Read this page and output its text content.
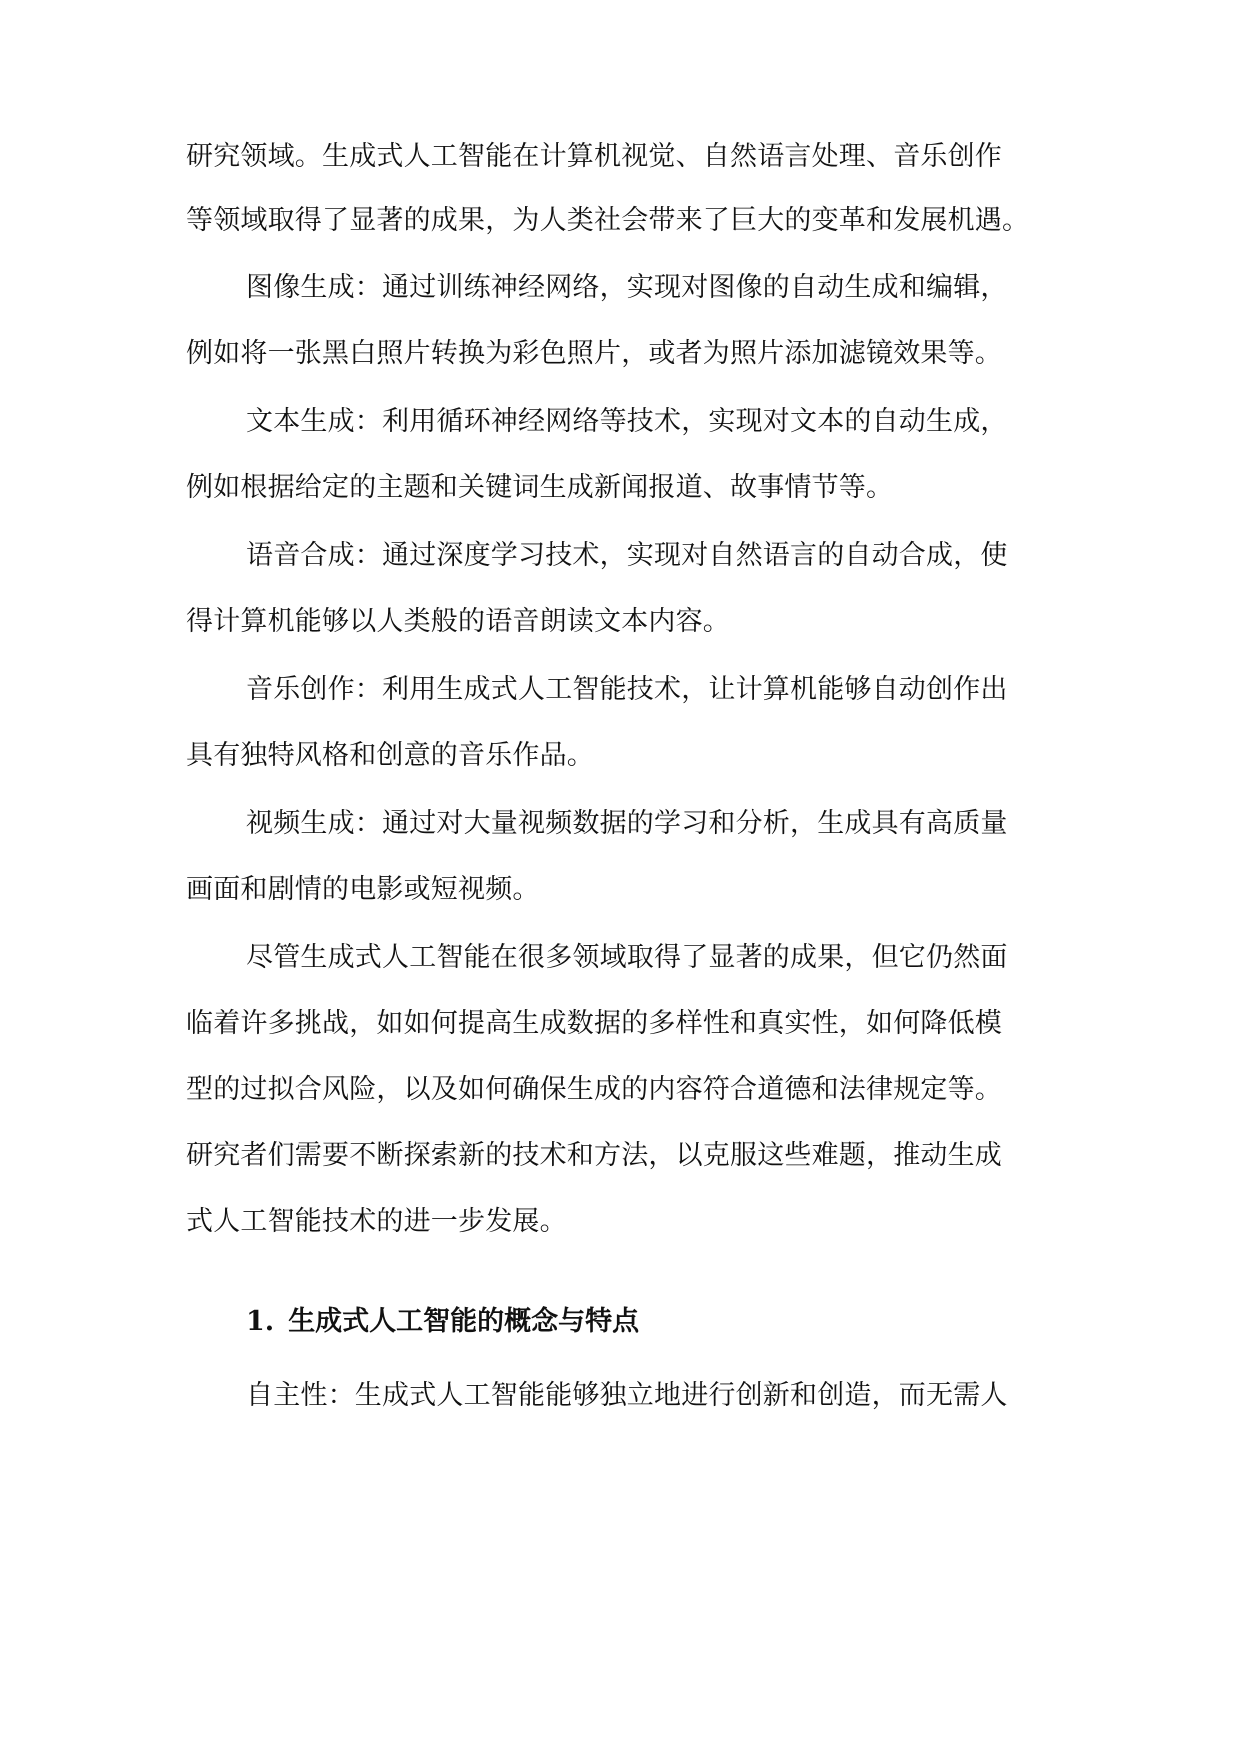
研究领域。生成式人工智能在计算机视觉、自然语言处理、音乐创作
等领域取得了显著的成果，为人类社会带来了巨大的变革和发展机遇。
图像生成：通过训练神经网络，实现对图像的自动生成和编辑，
例如将一张黑白照片转换为彩色照片，或者为照片添加滤镜效果等。
文本生成：利用循环神经网络等技术，实现对文本的自动生成，
例如根据给定的主题和关键词生成新闻报道、故事情节等。
语音合成：通过深度学习技术，实现对自然语言的自动合成，使
得计算机能够以人类般的语音朗读文本内容。
音乐创作：利用生成式人工智能技术，让计算机能够自动创作出
具有独特风格和创意的音乐作品。
视频生成：通过对大量视频数据的学习和分析，生成具有高质量
画面和剧情的电影或短视频。
尽管生成式人工智能在很多领域取得了显著的成果，但它仍然面
临着许多挑战，如如何提高生成数据的多样性和真实性，如何降低模
型的过拟合风险，以及如何确保生成的内容符合道德和法律规定等。
研究者们需要不断探索新的技术和方法，以克服这些难题，推动生成
式人工智能技术的进一步发展。
1. 生成式人工智能的概念与特点
自主性：生成式人工智能能够独立地进行创新和创造，而无需人
